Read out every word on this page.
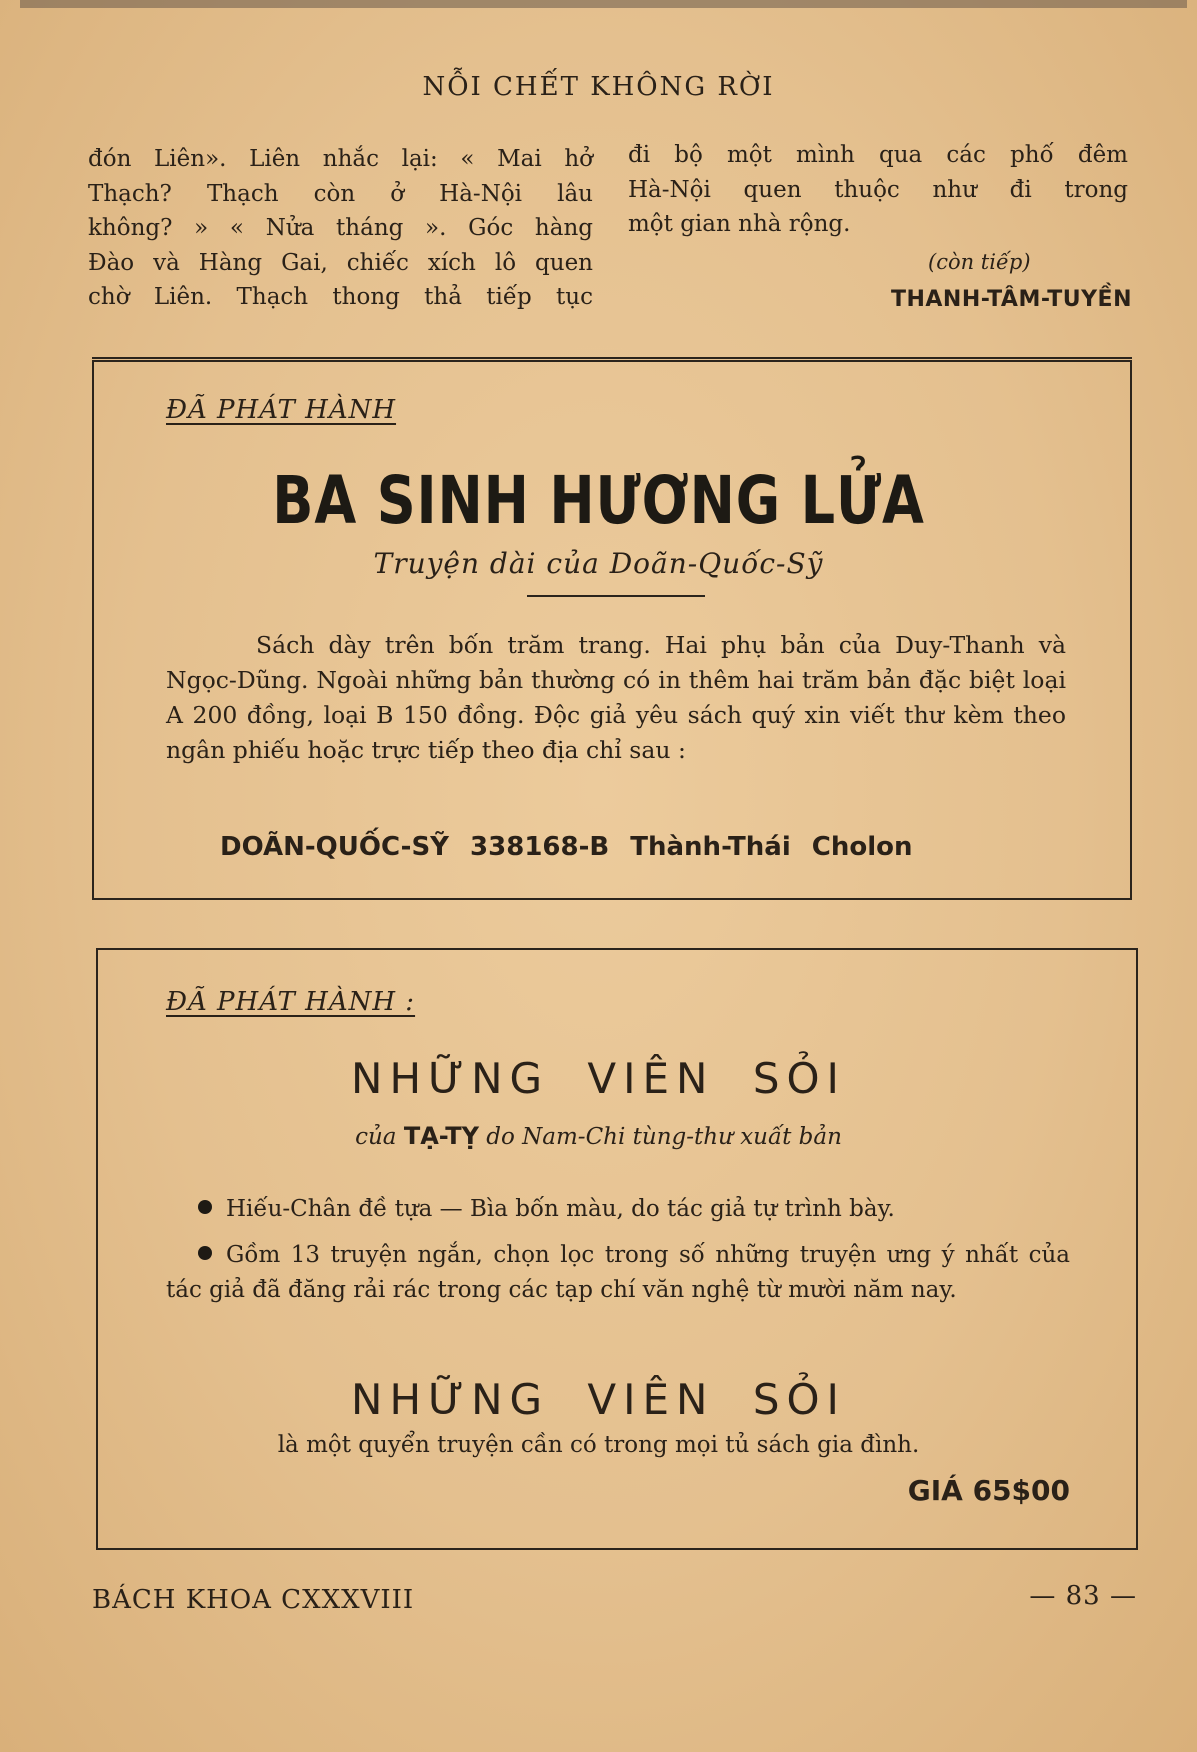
NỖI CHẾT KHÔNG RỜI
đón Liên». Liên nhắc lại: « Mai hở
Thạch? Thạch còn ở Hà-Nội lâu
không? » « Nửa tháng ». Góc hàng
Đào và Hàng Gai, chiếc xích lô quen
chờ Liên. Thạch thong thả tiếp tục
đi bộ một mình qua các phố đêm
Hà-Nội quen thuộc như đi trong
một gian nhà rộng.
(còn tiếp)
THANH-TÂM-TUYỀN
ĐÃ PHÁT HÀNH
BA SINH HƯƠNG LỬA
Truyện dài của Doãn-Quốc-Sỹ
Sách dày trên bốn trăm trang. Hai phụ bản của Duy-Thanh và Ngọc-Dũng. Ngoài những bản thường có in thêm hai trăm bản đặc biệt loại A 200 đồng, loại B 150 đồng. Độc giả yêu sách quý xin viết thư kèm theo ngân phiếu hoặc trực tiếp theo địa chỉ sau :
DOÃN-QUỐC-SỸ 338168-B Thành-Thái Cholon
ĐÃ PHÁT HÀNH :
NHỮNG VIÊN SỎI
của TẠ-TỴ do Nam-Chi tùng-thư xuất bản
Hiếu-Chân đề tựa — Bìa bốn màu, do tác giả tự trình bày.
Gồm 13 truyện ngắn, chọn lọc trong số những truyện ưng ý nhất của tác giả đã đăng rải rác trong các tạp chí văn nghệ từ mười năm nay.
NHỮNG VIÊN SỎI
là một quyển truyện cần có trong mọi tủ sách gia đình.
GIÁ 65$00
BÁCH KHOA CXXXVIII	— 83 —
